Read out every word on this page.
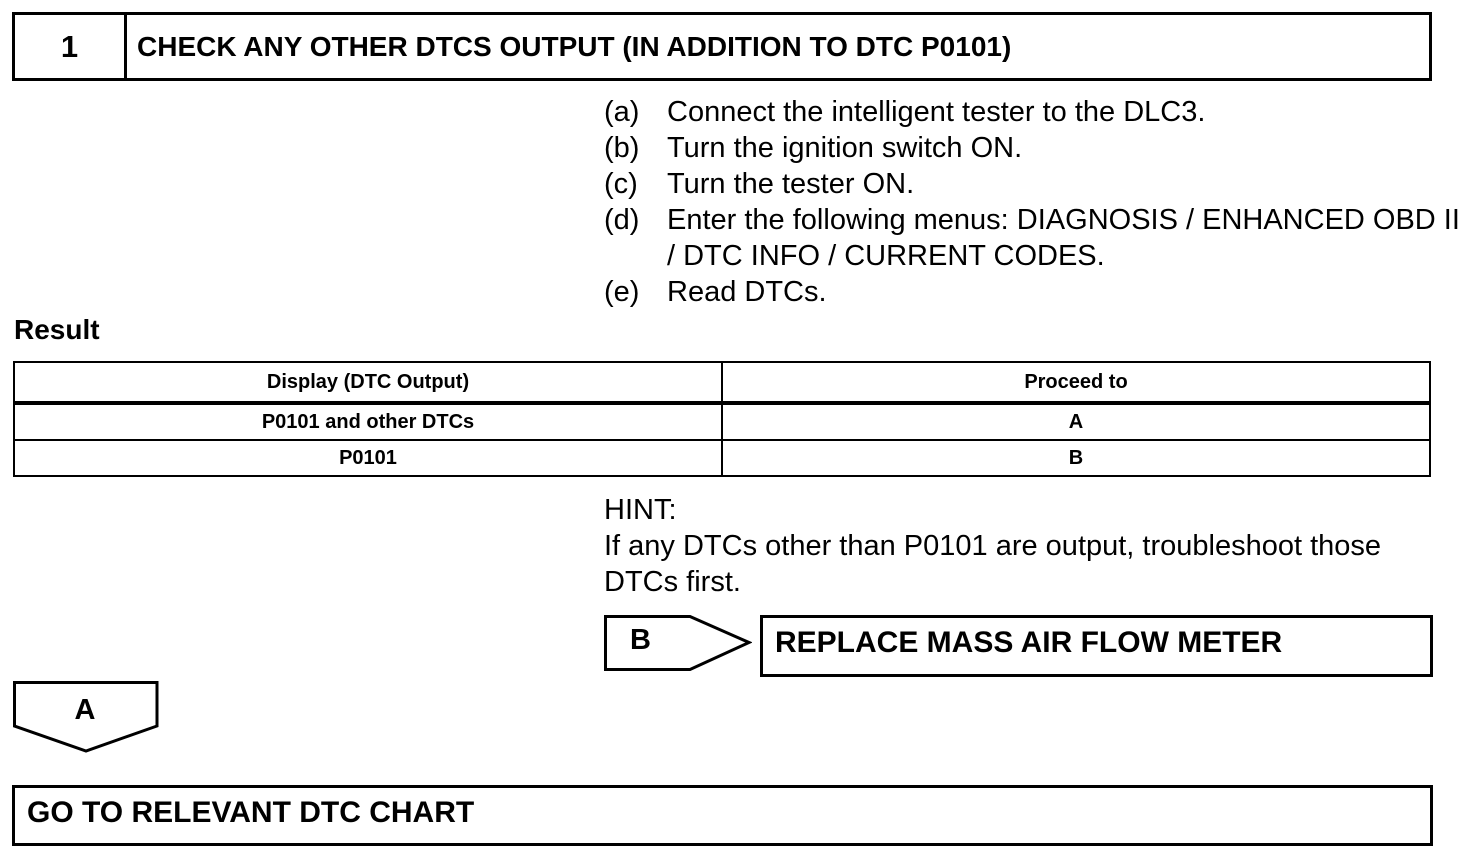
1	CHECK ANY OTHER DTCS OUTPUT (IN ADDITION TO DTC P0101)
(a) Connect the intelligent tester to the DLC3.
(b) Turn the ignition switch ON.
(c)	Turn the tester ON.
(d) Enter the following menus: DIAGNOSIS / ENHANCED OBD II / DTC INFO / CURRENT CODES.
(e) Read DTCs.
Result
Display (DTC Output)	Proceed to
P0101 and other DTCs	A
P0101	B

HINT:

If any DTCs other than P0101 are output, troubleshoot those DTCs first.

B	REPLACE MASS AIR FLOW METER
A
GO TO RELEVANT DTC CHART
